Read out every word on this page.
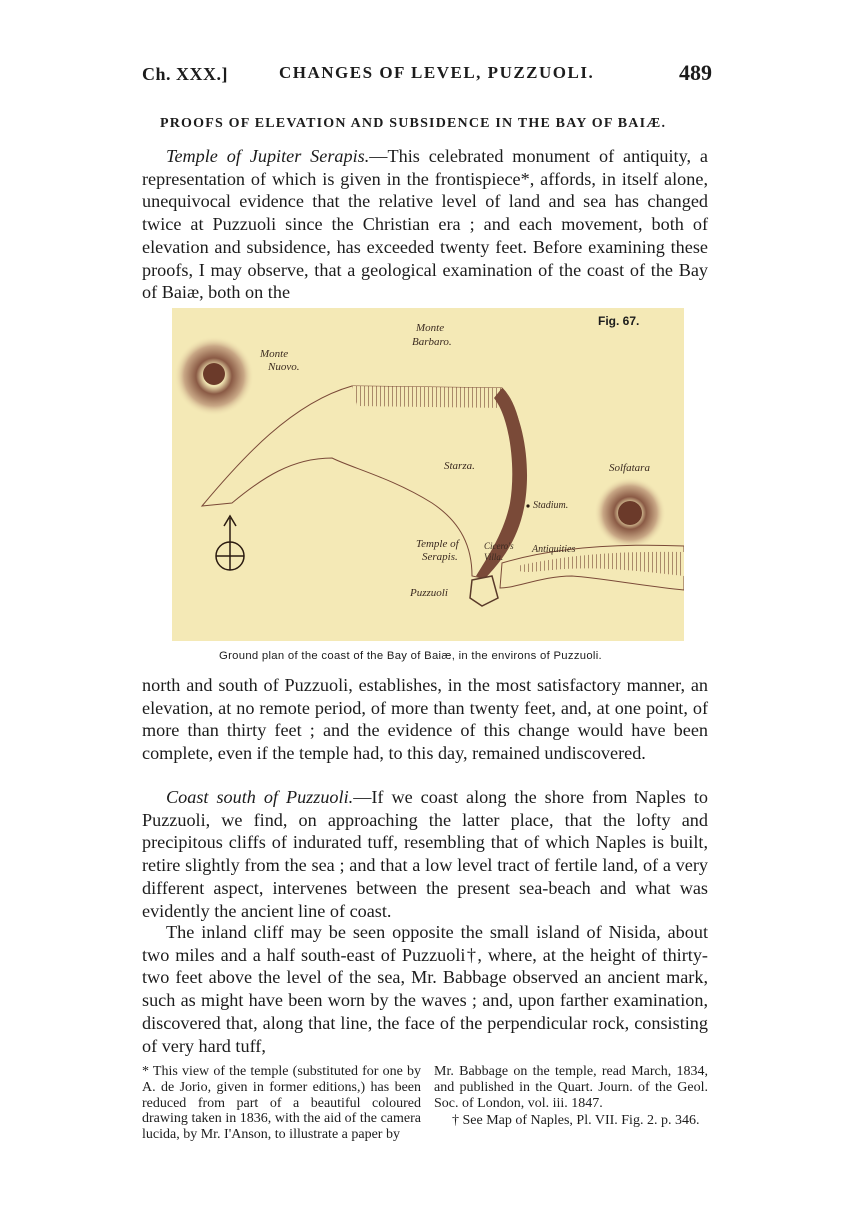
Ch. XXX.]	CHANGES OF LEVEL, PUZZUOLI.	489
PROOFS OF ELEVATION AND SUBSIDENCE IN THE BAY OF BAIÆ.

Temple of Jupiter Serapis.—This celebrated monument of antiquity, a representation of which is given in the frontispiece*, affords, in itself alone, unequivocal evidence that the relative level of land and sea has changed twice at Puzzuoli since the Christian era ; and each movement, both of elevation and subsidence, has exceeded twenty feet. Before examining these proofs, I may observe, that a geological examination of the coast of the Bay of Baiæ, both on the

Fig. 67.
Monte
Nuovo.
Monte
Barbaro.
Starza.	Solfatara
Stadium.
Temple of
Serapis.
Cicero's
Villa.
Antiquities
Puzzuoli
Ground plan of the coast of the Bay of Baiæ, in the environs of Puzzuoli.

north and south of Puzzuoli, establishes, in the most satisfactory manner, an elevation, at no remote period, of more than twenty feet, and, at one point, of more than thirty feet ; and the evidence of this change would have been complete, even if the temple had, to this day, remained undiscovered.

Coast south of Puzzuoli.—If we coast along the shore from Naples to Puzzuoli, we find, on approaching the latter place, that the lofty and precipitous cliffs of indurated tuff, resembling that of which Naples is built, retire slightly from the sea ; and that a low level tract of fertile land, of a very different aspect, intervenes between the present sea-beach and what was evidently the ancient line of coast.

The inland cliff may be seen opposite the small island of Nisida, about two miles and a half south-east of Puzzuoli†, where, at the height of thirty-two feet above the level of the sea, Mr. Babbage observed an ancient mark, such as might have been worn by the waves ; and, upon farther examination, discovered that, along that line, the face of the perpendicular rock, consisting of very hard tuff,

* This view of the temple (substituted for one by A. de Jorio, given in former editions,) has been reduced from part of a beautiful coloured drawing taken in 1836, with the aid of the camera lucida, by Mr. I'Anson, to illustrate a paper by

Mr. Babbage on the temple, read March, 1834, and published in the Quart. Journ. of the Geol. Soc. of London, vol. iii. 1847.
† See Map of Naples, Pl. VII. Fig. 2. p. 346.
